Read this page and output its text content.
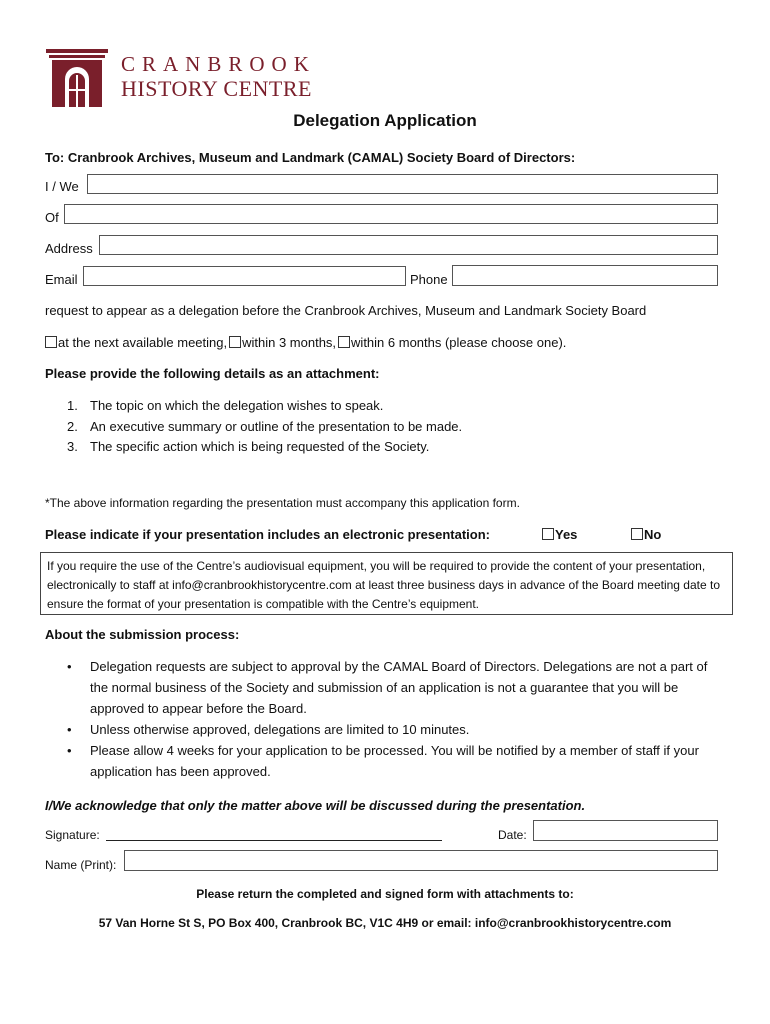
CRANBROOK
HISTORY CENTRE
Delegation Application
To: Cranbrook Archives, Museum and Landmark (CAMAL) Society Board of Directors:
I / We
Of
Address
Email	Phone
request to appear as a delegation before the Cranbrook Archives, Museum and Landmark Society Board
at the next available meeting, within 3 months, within 6 months (please choose one).
Please provide the following details as an attachment:
1. The topic on which the delegation wishes to speak.
2. An executive summary or outline of the presentation to be made.
3. The specific action which is being requested of the Society.
*The above information regarding the presentation must accompany this application form.
Please indicate if your presentation includes an electronic presentation:	Yes	No
If you require the use of the Centre’s audiovisual equipment, you will be required to provide the content of your presentation, electronically to staff at info@cranbrookhistorycentre.com at least three business days in advance of the Board meeting date to ensure the format of your presentation is compatible with the Centre’s equipment.
About the submission process:
• Delegation requests are subject to approval by the CAMAL Board of Directors. Delegations are not a part of the normal business of the Society and submission of an application is not a guarantee that you will be approved to appear before the Board.
• Unless otherwise approved, delegations are limited to 10 minutes.
• Please allow 4 weeks for your application to be processed. You will be notified by a member of staff if your application has been approved.
I/We acknowledge that only the matter above will be discussed during the presentation.
Signature:	Date:
Name (Print):
Please return the completed and signed form with attachments to:
57 Van Horne St S, PO Box 400, Cranbrook BC, V1C 4H9 or email: info@cranbrookhistorycentre.com
